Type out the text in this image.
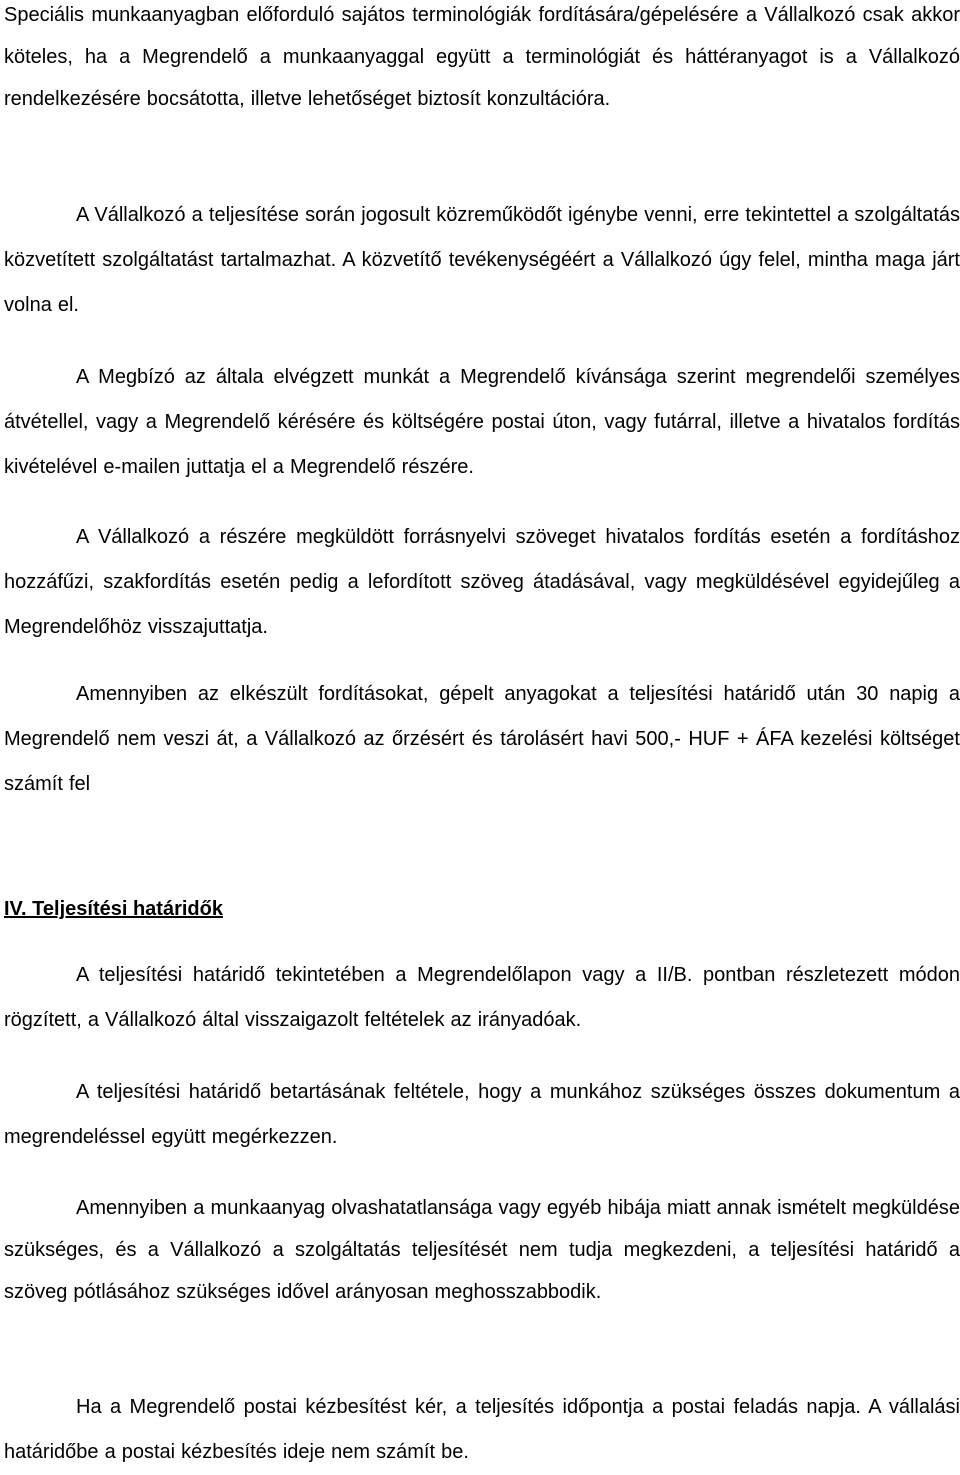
Speciális munkaanyagban előforduló sajátos terminológiák fordítására/gépelésére a Vállalkozó csak akkor köteles, ha a Megrendelő a munkaanyaggal együtt a terminológiát és háttéranyagot is a Vállalkozó rendelkezésére bocsátotta, illetve lehetőséget biztosít konzultációra.

A Vállalkozó a teljesítése során jogosult közreműködőt igénybe venni, erre tekintettel a szolgáltatás közvetített szolgáltatást tartalmazhat. A közvetítő tevékenységéért a Vállalkozó úgy felel, mintha maga járt volna el.

A Megbízó az általa elvégzett munkát a Megrendelő kívánsága szerint megrendelői személyes átvétellel, vagy a Megrendelő kérésére és költségére postai úton, vagy futárral, illetve a hivatalos fordítás kivételével e-mailen juttatja el a Megrendelő részére.

A Vállalkozó a részére megküldött forrásnyelvi szöveget hivatalos fordítás esetén a fordításhoz hozzáfűzi, szakfordítás esetén pedig a lefordított szöveg átadásával, vagy megküldésével egyidejűleg a Megrendelőhöz visszajuttatja.

Amennyiben az elkészült fordításokat, gépelt anyagokat a teljesítési határidő után 30 napig a Megrendelő nem veszi át, a Vállalkozó az őrzésért és tárolásért havi 500,- HUF + ÁFA kezelési költséget számít fel

IV. Teljesítési határidők

A teljesítési határidő tekintetében a Megrendelőlapon vagy a II/B. pontban részletezett módon rögzített, a Vállalkozó által visszaigazolt feltételek az irányadóak.

A teljesítési határidő betartásának feltétele, hogy a munkához szükséges összes dokumentum a megrendeléssel együtt megérkezzen.

Amennyiben a munkaanyag olvashatatlansága vagy egyéb hibája miatt annak ismételt megküldése szükséges, és a Vállalkozó a szolgáltatás teljesítését nem tudja megkezdeni, a teljesítési határidő a szöveg pótlásához szükséges idővel arányosan meghosszabbodik.

Ha a Megrendelő postai kézbesítést kér, a teljesítés időpontja a postai feladás napja. A vállalási határidőbe a postai kézbesítés ideje nem számít be.
